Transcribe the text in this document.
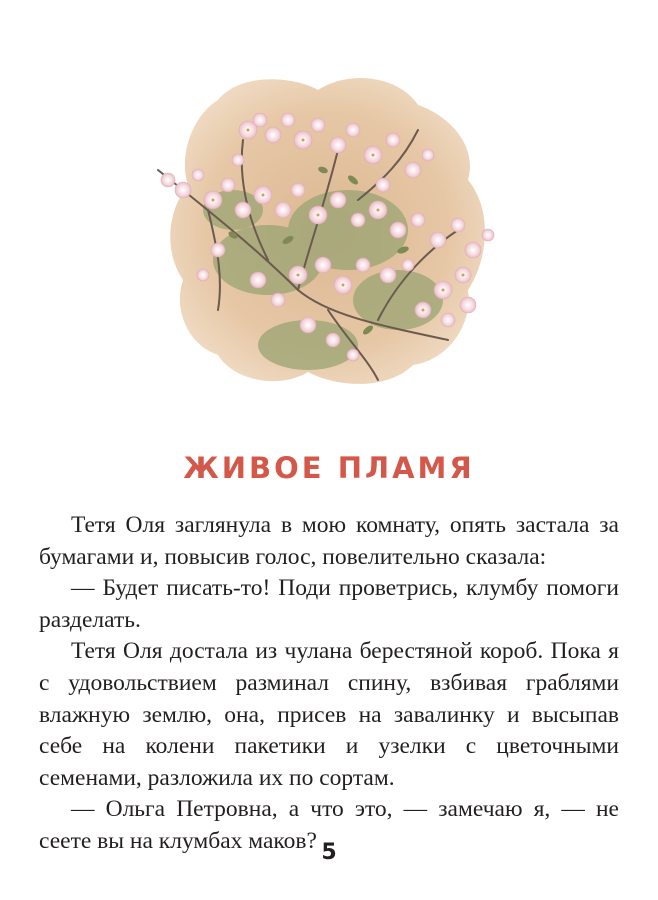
ЖИВОЕ ПЛАМЯ

Тетя Оля заглянула в мою комнату, опять застала за бумагами и, повысив голос, повелительно сказала:

— Будет писать-то! Поди проветрись, клумбу помоги разделать.

Тетя Оля достала из чулана берестяной короб. Пока я с удовольствием разминал спину, взбивая граблями влажную землю, она, присев на завалинку и высыпав себе на колени пакетики и узелки с цветочными семенами, разложила их по сортам.

— Ольга Петровна, а что это, — замечаю я, — не сеете вы на клумбах маков? 5
